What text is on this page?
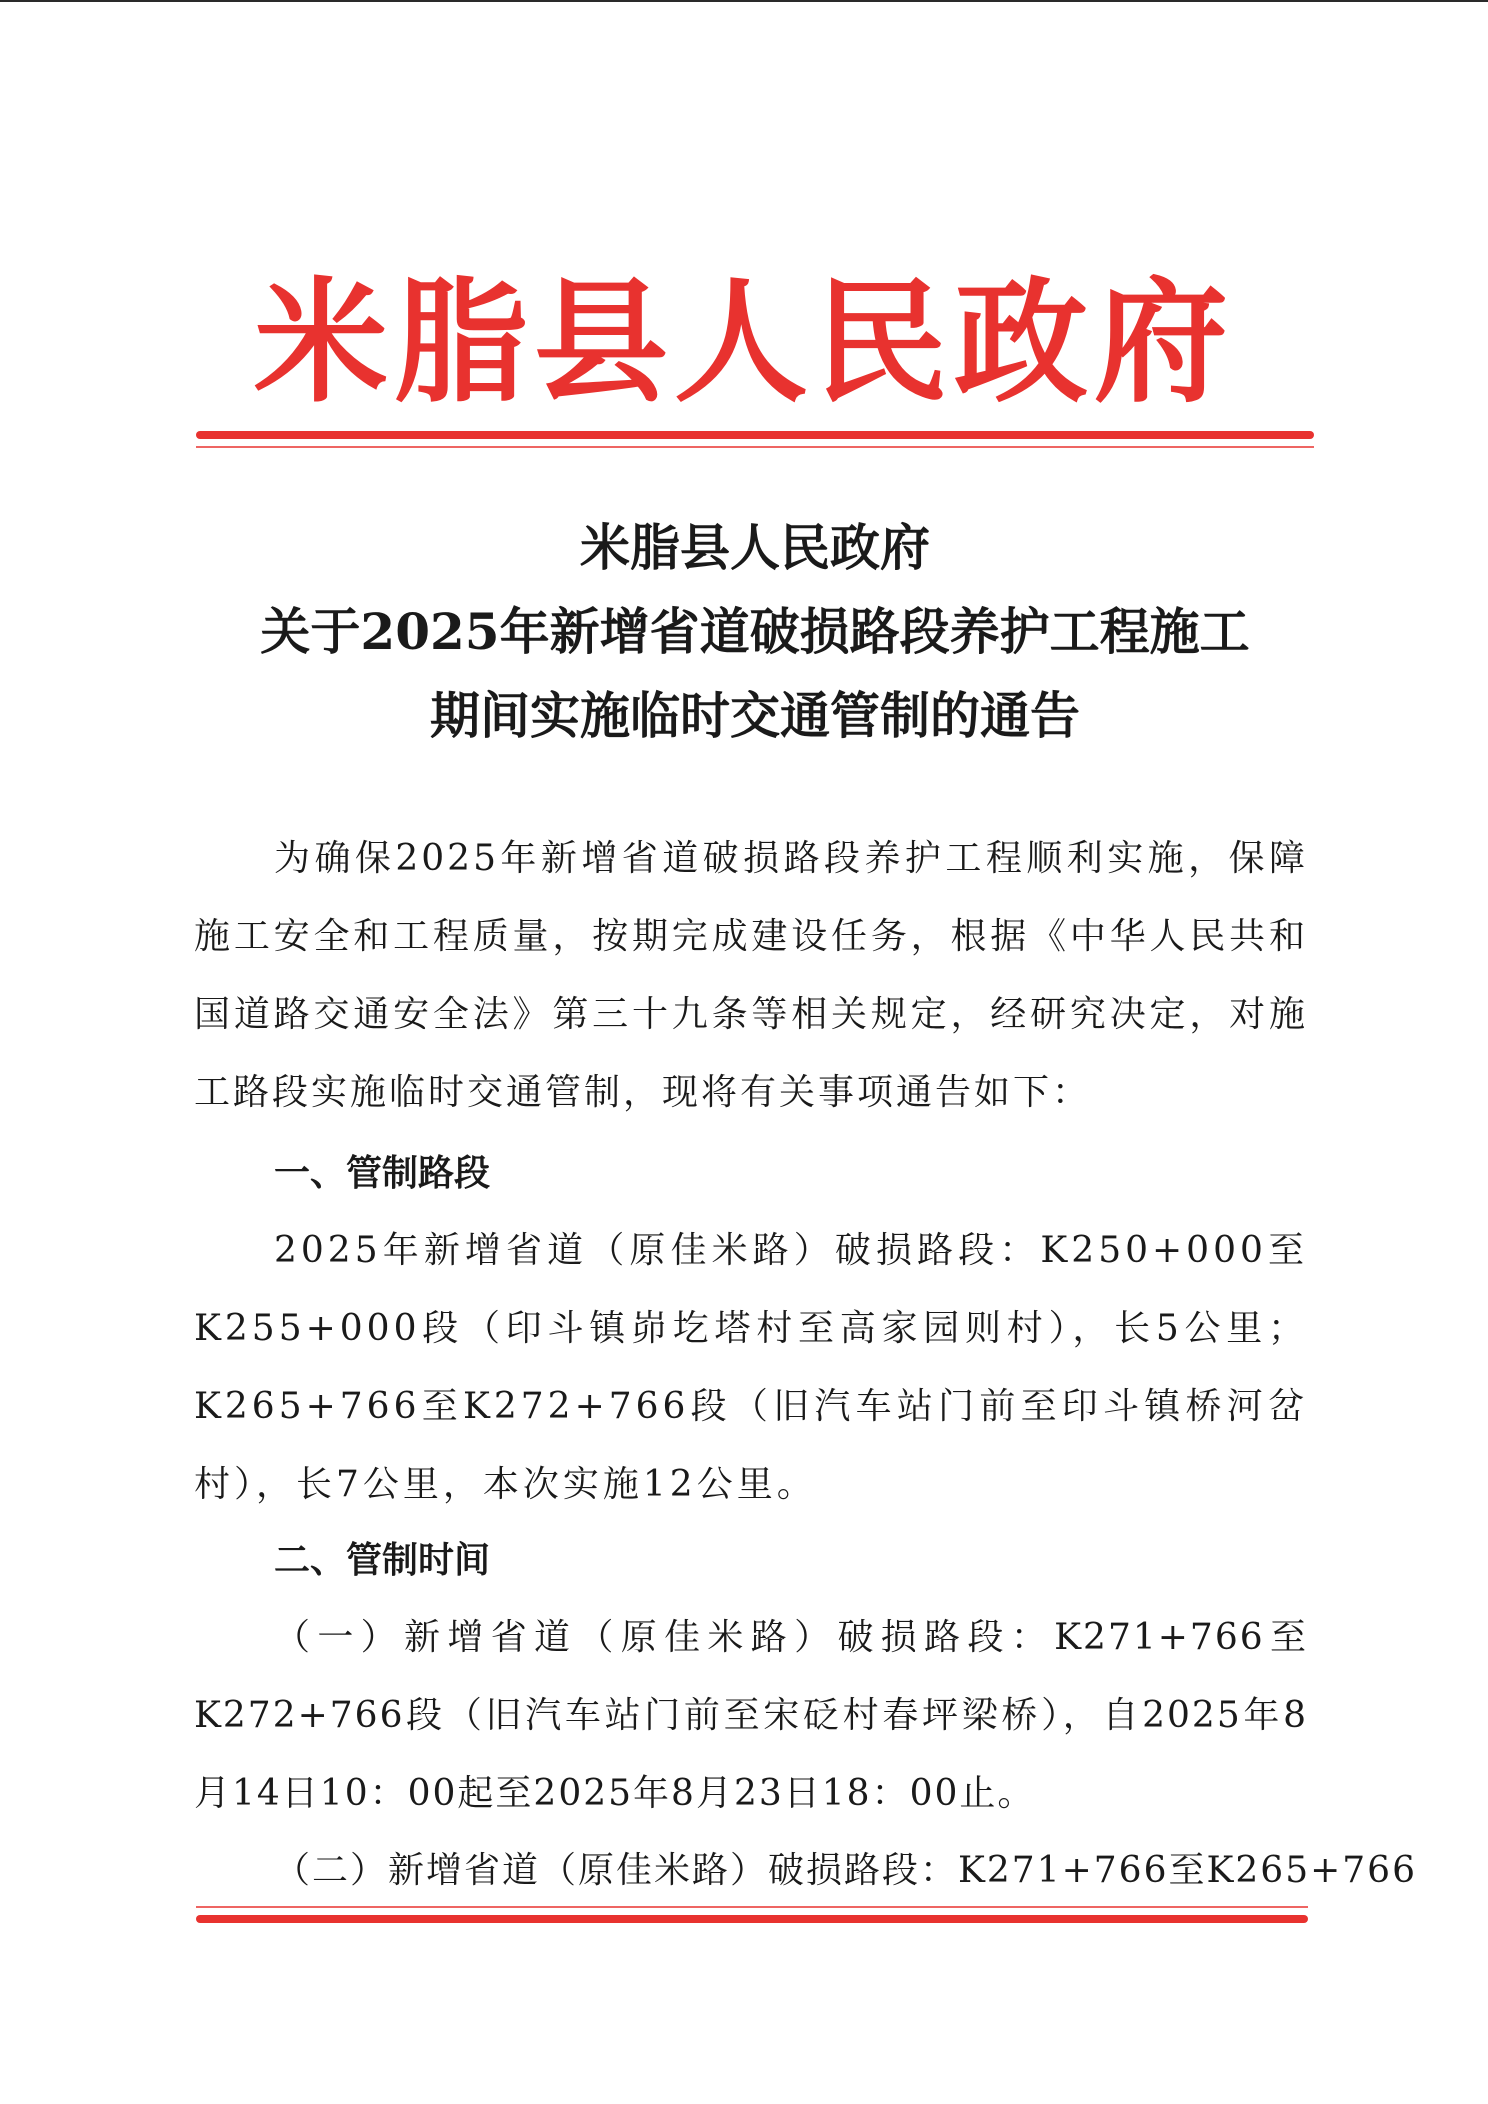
米脂县人民政府
米脂县人民政府
关于2025年新增省道破损路段养护工程施工
期间实施临时交通管制的通告
为确保2025年新增省道破损路段养护工程顺利实施，保障施工安全和工程质量，按期完成建设任务，根据《中华人民共和国道路交通安全法》第三十九条等相关规定，经研究决定，对施工路段实施临时交通管制，现将有关事项通告如下：
一、管制路段
2025年新增省道（原佳米路）破损路段：K250+000至K255+000段（印斗镇峁圪塔村至高家园则村），长5公里；K265+766至K272+766段（旧汽车站门前至印斗镇桥河岔村），长7公里，本次实施12公里。
二、管制时间
（一）新增省道（原佳米路）破损路段：K271+766至K272+766段（旧汽车站门前至宋砭村春坪梁桥），自2025年8月14日10：00起至2025年8月23日18：00止。
（二）新增省道（原佳米路）破损路段：K271+766至K265+766
